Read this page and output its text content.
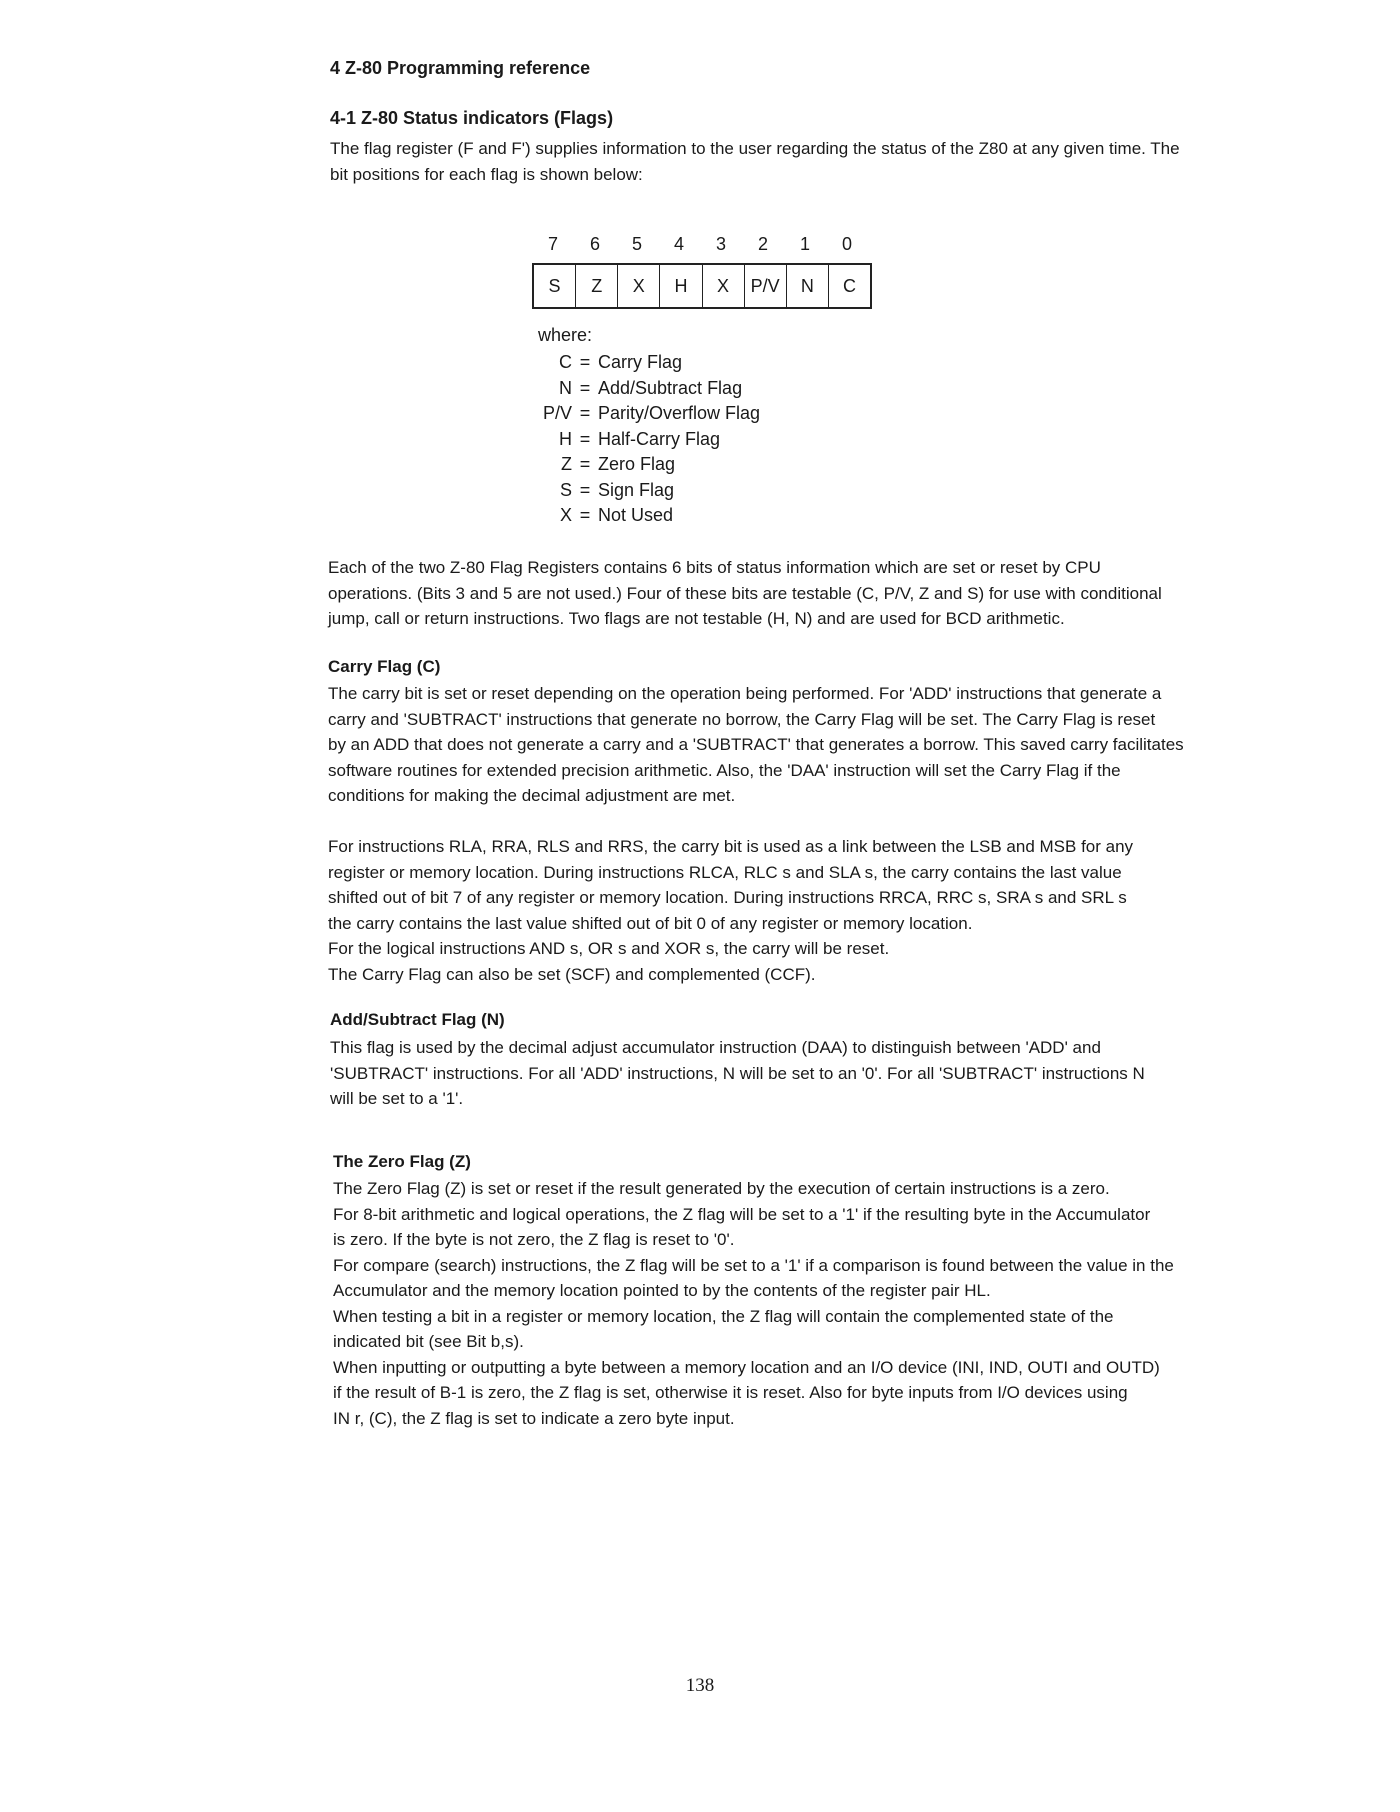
4 Z-80 Programming reference
4-1 Z-80 Status indicators (Flags)
The flag register (F and F') supplies information to the user regarding the status of the Z80 at any given time. The
bit positions for each flag is shown below:
7	6	5	4	3	2	1	0
S	Z	X	H	X	P/V	N	C
where:
C = Carry Flag
N = Add/Subtract Flag
P/V = Parity/Overflow Flag
H = Half-Carry Flag
Z = Zero Flag
S = Sign Flag
X = Not Used
Each of the two Z-80 Flag Registers contains 6 bits of status information which are set or reset by CPU
operations. (Bits 3 and 5 are not used.) Four of these bits are testable (C, P/V, Z and S) for use with conditional
jump, call or return instructions. Two flags are not testable (H, N) and are used for BCD arithmetic.
Carry Flag (C)
The carry bit is set or reset depending on the operation being performed. For 'ADD' instructions that generate a
carry and 'SUBTRACT' instructions that generate no borrow, the Carry Flag will be set. The Carry Flag is reset
by an ADD that does not generate a carry and a 'SUBTRACT' that generates a borrow. This saved carry facilitates
software routines for extended precision arithmetic. Also, the 'DAA' instruction will set the Carry Flag if the
conditions for making the decimal adjustment are met.
For instructions RLA, RRA, RLS and RRS, the carry bit is used as a link between the LSB and MSB for any
register or memory location. During instructions RLCA, RLC s and SLA s, the carry contains the last value
shifted out of bit 7 of any register or memory location. During instructions RRCA, RRC s, SRA s and SRL s
the carry contains the last value shifted out of bit 0 of any register or memory location.
For the logical instructions AND s, OR s and XOR s, the carry will be reset.
The Carry Flag can also be set (SCF) and complemented (CCF).
Add/Subtract Flag (N)
This flag is used by the decimal adjust accumulator instruction (DAA) to distinguish between 'ADD' and
'SUBTRACT' instructions. For all 'ADD' instructions, N will be set to an '0'. For all 'SUBTRACT' instructions N
will be set to a '1'.
The Zero Flag (Z)
The Zero Flag (Z) is set or reset if the result generated by the execution of certain instructions is a zero.
For 8-bit arithmetic and logical operations, the Z flag will be set to a '1' if the resulting byte in the Accumulator
is zero. If the byte is not zero, the Z flag is reset to '0'.
For compare (search) instructions, the Z flag will be set to a '1' if a comparison is found between the value in the
Accumulator and the memory location pointed to by the contents of the register pair HL.
When testing a bit in a register or memory location, the Z flag will contain the complemented state of the
indicated bit (see Bit b,s).
When inputting or outputting a byte between a memory location and an I/O device (INI, IND, OUTI and OUTD)
if the result of B-1 is zero, the Z flag is set, otherwise it is reset. Also for byte inputs from I/O devices using
IN r, (C), the Z flag is set to indicate a zero byte input.
138
